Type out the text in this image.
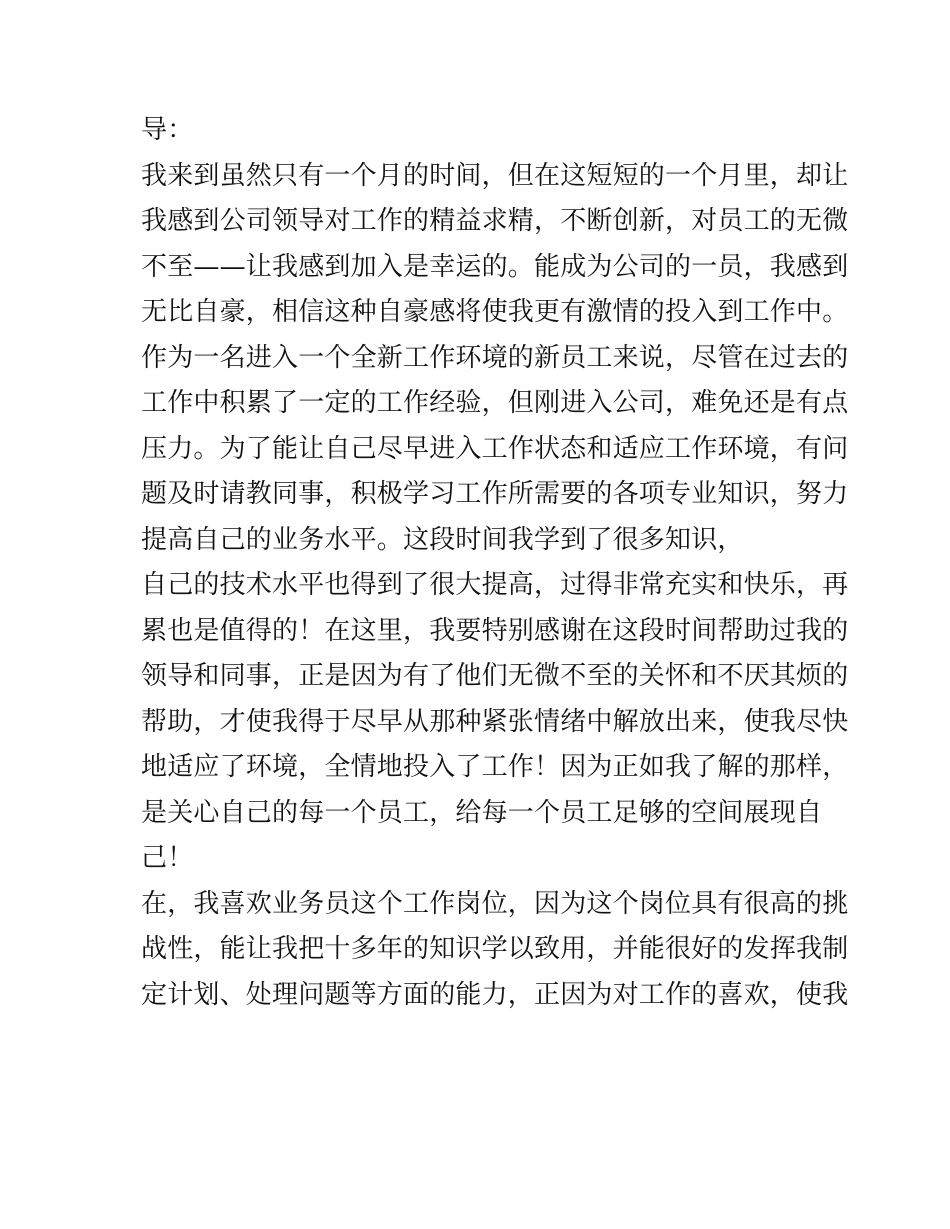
导：
我来到虽然只有一个月的时间，但在这短短的一个月里，却让
我感到公司领导对工作的精益求精，不断创新，对员工的无微
不至——让我感到加入是幸运的。能成为公司的一员，我感到
无比自豪，相信这种自豪感将使我更有激情的投入到工作中。
作为一名进入一个全新工作环境的新员工来说，尽管在过去的
工作中积累了一定的工作经验，但刚进入公司，难免还是有点
压力。为了能让自己尽早进入工作状态和适应工作环境，有问
题及时请教同事，积极学习工作所需要的各项专业知识，努力
提高自己的业务水平。这段时间我学到了很多知识，
自己的技术水平也得到了很大提高，过得非常充实和快乐，再
累也是值得的！在这里，我要特别感谢在这段时间帮助过我的
领导和同事，正是因为有了他们无微不至的关怀和不厌其烦的
帮助，才使我得于尽早从那种紧张情绪中解放出来，使我尽快
地适应了环境，全情地投入了工作！因为正如我了解的那样，
是关心自己的每一个员工，给每一个员工足够的空间展现自
己！
在，我喜欢业务员这个工作岗位，因为这个岗位具有很高的挑
战性，能让我把十多年的知识学以致用，并能很好的发挥我制
定计划、处理问题等方面的能力，正因为对工作的喜欢，使我
